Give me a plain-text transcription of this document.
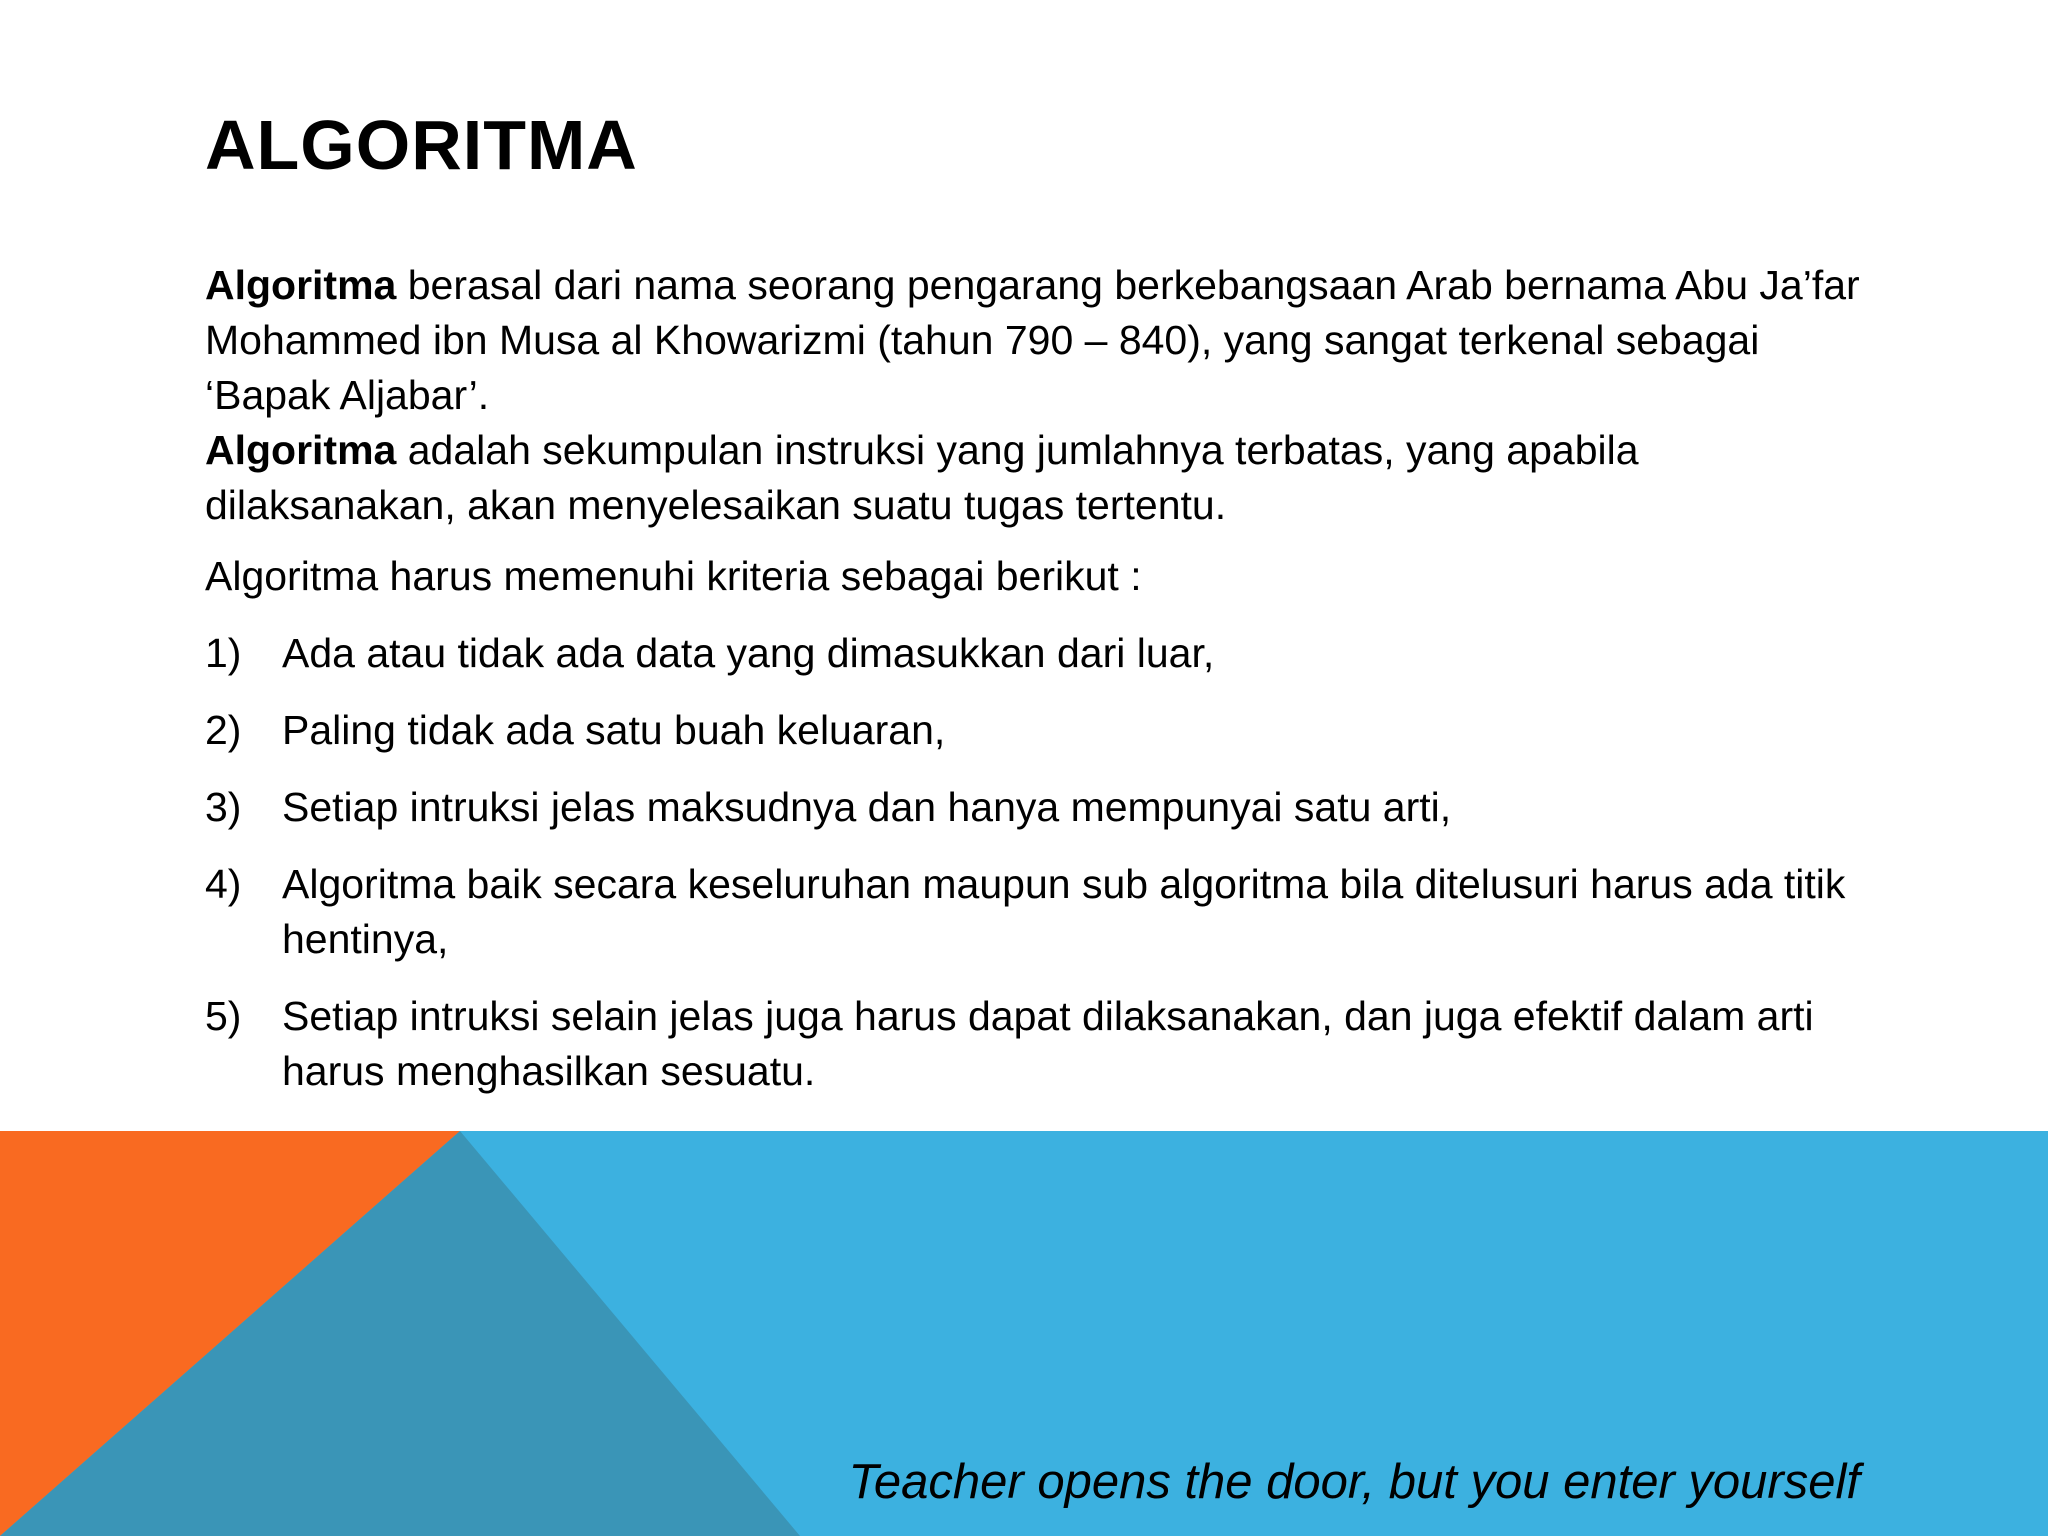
ALGORITMA

Algoritma berasal dari nama seorang pengarang berkebangsaan Arab bernama Abu Ja’far Mohammed ibn Musa al Khowarizmi (tahun 790 – 840), yang sangat terkenal sebagai ‘Bapak Aljabar’.

Algoritma adalah sekumpulan instruksi yang jumlahnya terbatas, yang apabila dilaksanakan, akan menyelesaikan suatu tugas tertentu.

Algoritma harus memenuhi kriteria sebagai berikut :

1) Ada atau tidak ada data yang dimasukkan dari luar,
2) Paling tidak ada satu buah keluaran,
3) Setiap intruksi jelas maksudnya dan hanya mempunyai satu arti,
4) Algoritma baik secara keseluruhan maupun sub algoritma bila ditelusuri harus ada titik hentinya,
5) Setiap intruksi selain jelas juga harus dapat dilaksanakan, dan juga efektif dalam arti harus menghasilkan sesuatu.
Teacher opens the door, but you enter yourself
